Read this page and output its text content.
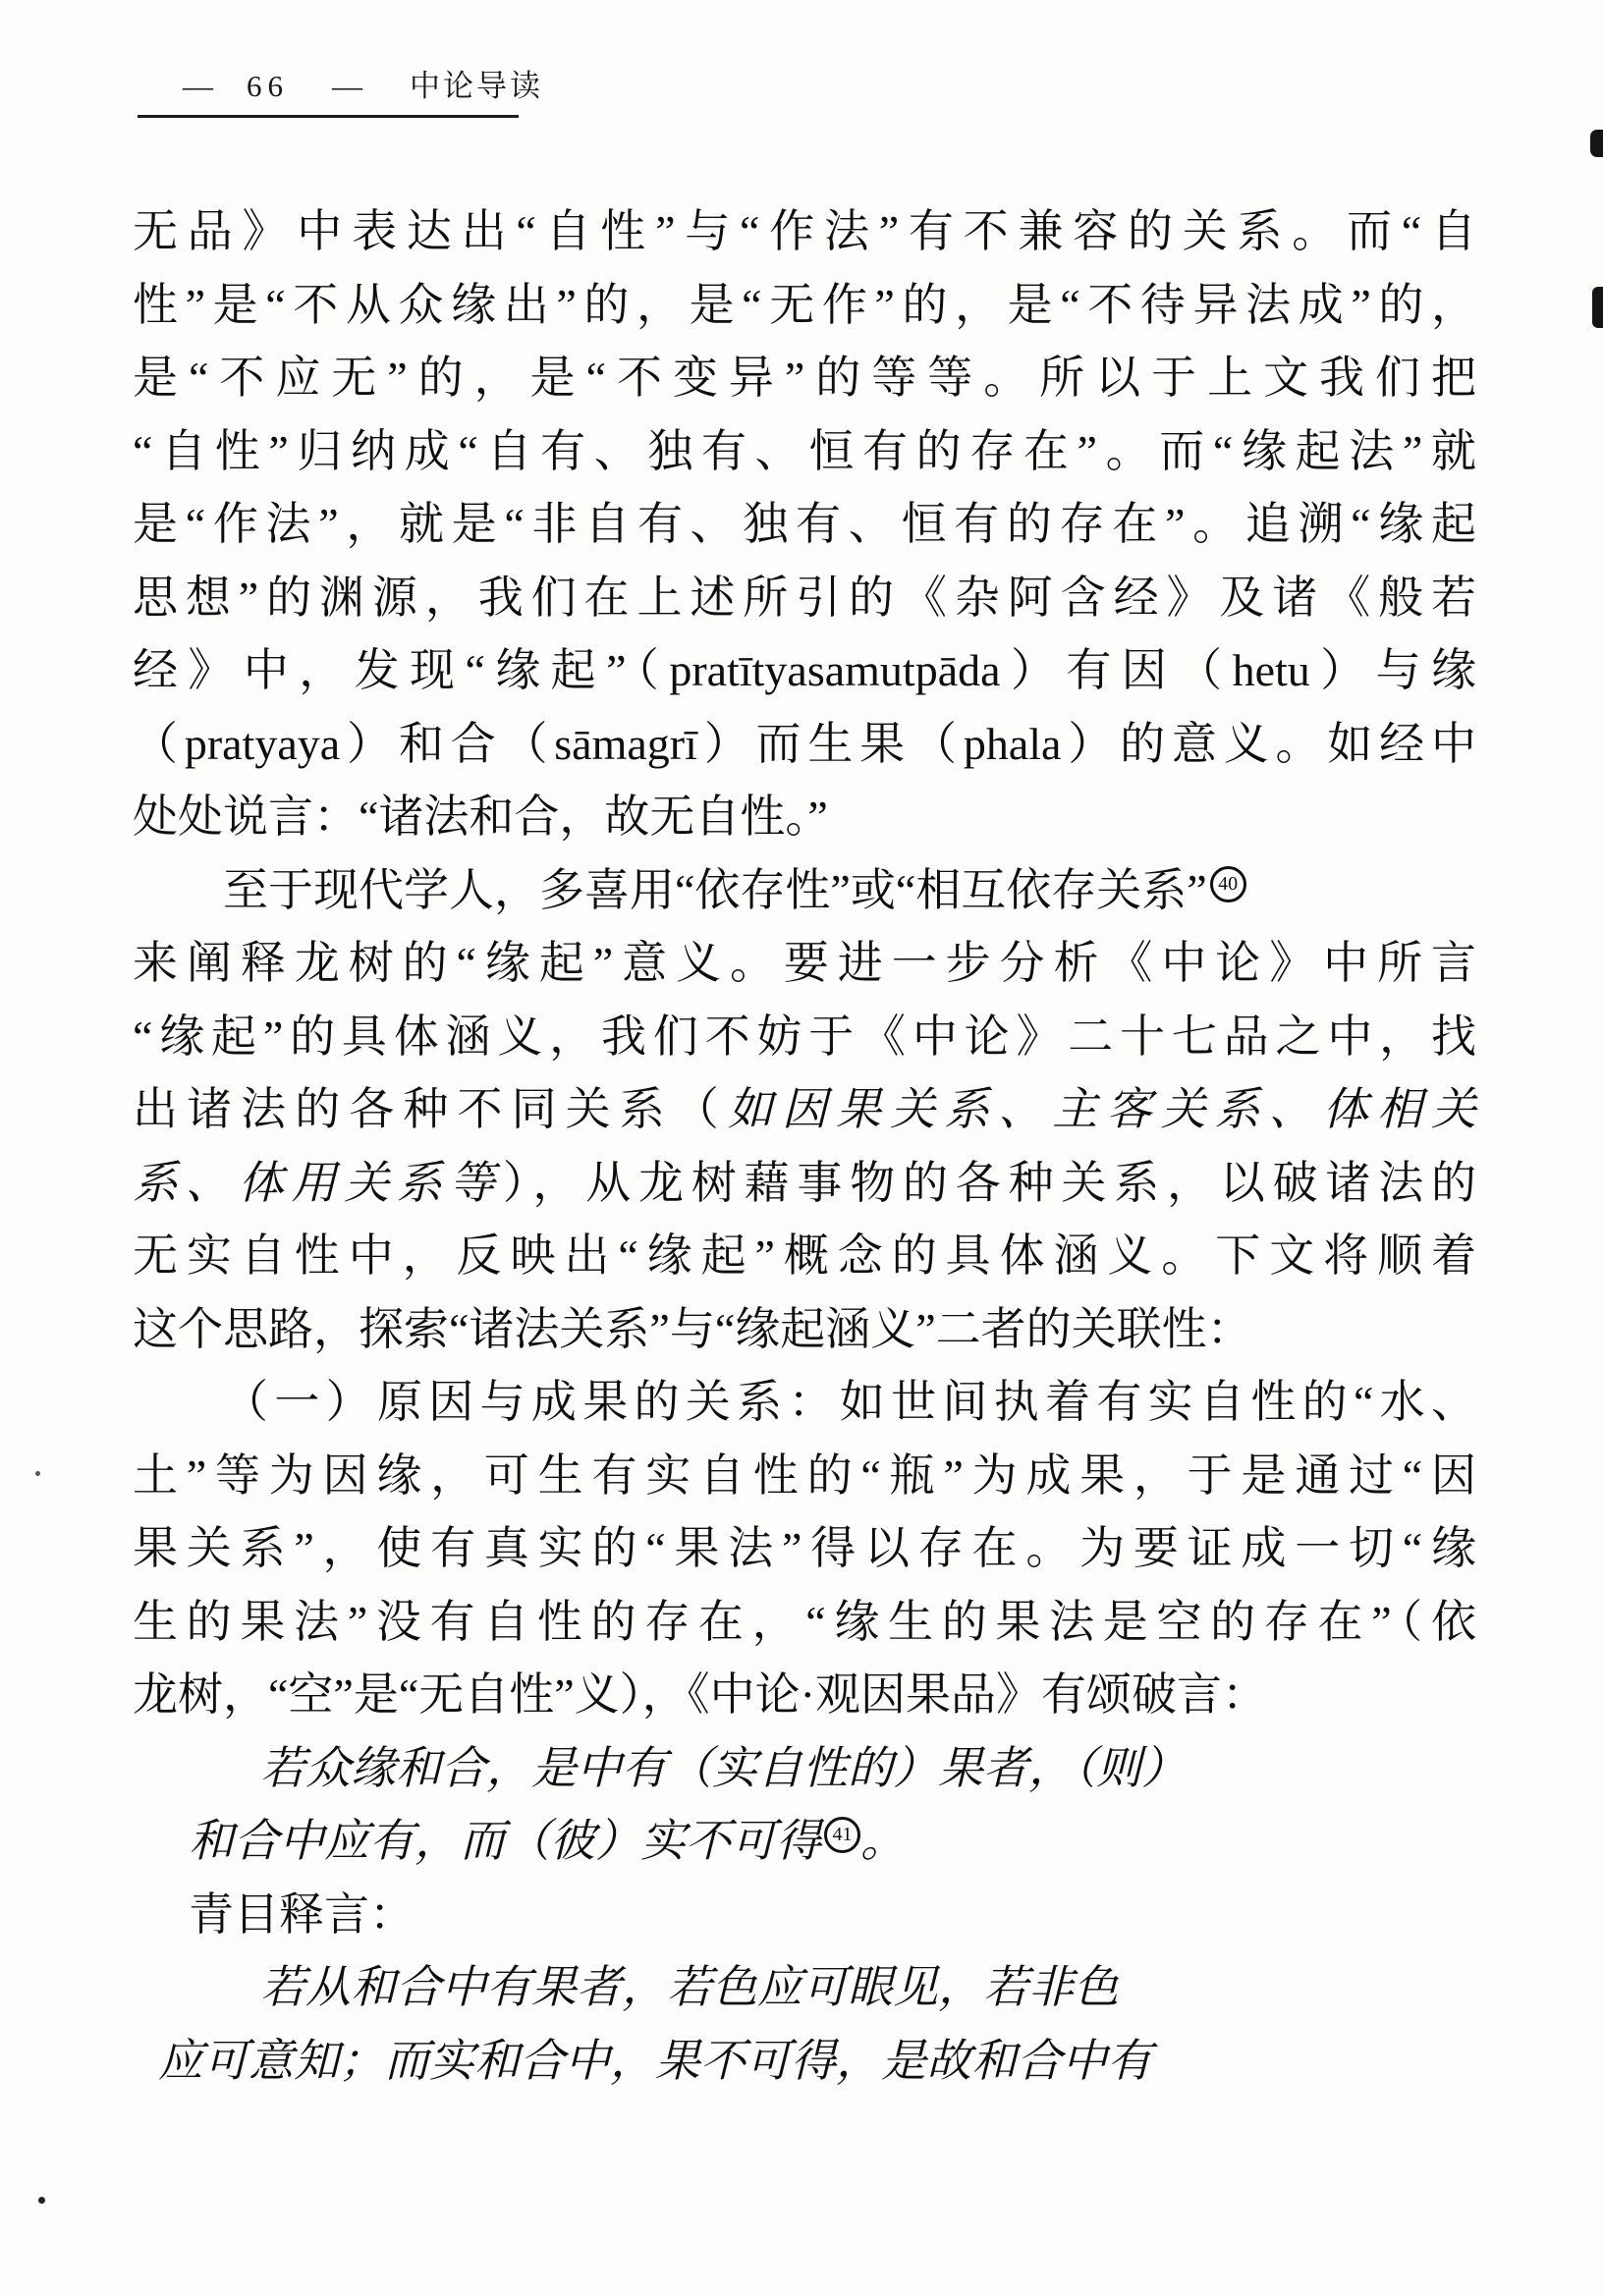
— 66 — 中论导读
无品》中表达出“自性”与“作法”有不兼容的关系。而“自
性”是“不从众缘出”的，是“无作”的，是“不待异法成”的，
是“不应无”的，是“不变异”的等等。所以于上文我们把
“自性”归纳成“自有、独有、恒有的存在”。而“缘起法”就
是“作法”，就是“非自有、独有、恒有的存在”。追溯“缘起
思想”的渊源，我们在上述所引的《杂阿含经》及诸《般若
经》中，发现“缘起”（pratītyasamutpāda）有因（hetu）与缘
（pratyaya）和合（sāmagrī）而生果（phala）的意义。如经中
处处说言：“诸法和合，故无自性。”
至于现代学人，多喜用“依存性”或“相互依存关系” 40
来阐释龙树的“缘起”意义。要进一步分析《中论》中所言
“缘起”的具体涵义，我们不妨于《中论》二十七品之中，找
出诸法的各种不同关系（如因果关系、主客关系、体相关
系、体用关系等），从龙树藉事物的各种关系，以破诸法的
无实自性中，反映出“缘起”概念的具体涵义。下文将顺着
这个思路，探索“诸法关系”与“缘起涵义”二者的关联性：
（一）原因与成果的关系：如世间执着有实自性的“水、
土”等为因缘，可生有实自性的“瓶”为成果，于是通过“因
果关系”，使有真实的“果法”得以存在。为要证成一切“缘
生的果法”没有自性的存在，“缘生的果法是空的存在”（依
龙树，“空”是“无自性”义），《中论·观因果品》有颂破言：
若众缘和合，是中有（实自性的）果者，（则）
和合中应有，而（彼）实不可得 41 。
青目释言：
若从和合中有果者，若色应可眼见，若非色
应可意知；而实和合中，果不可得，是故和合中有
